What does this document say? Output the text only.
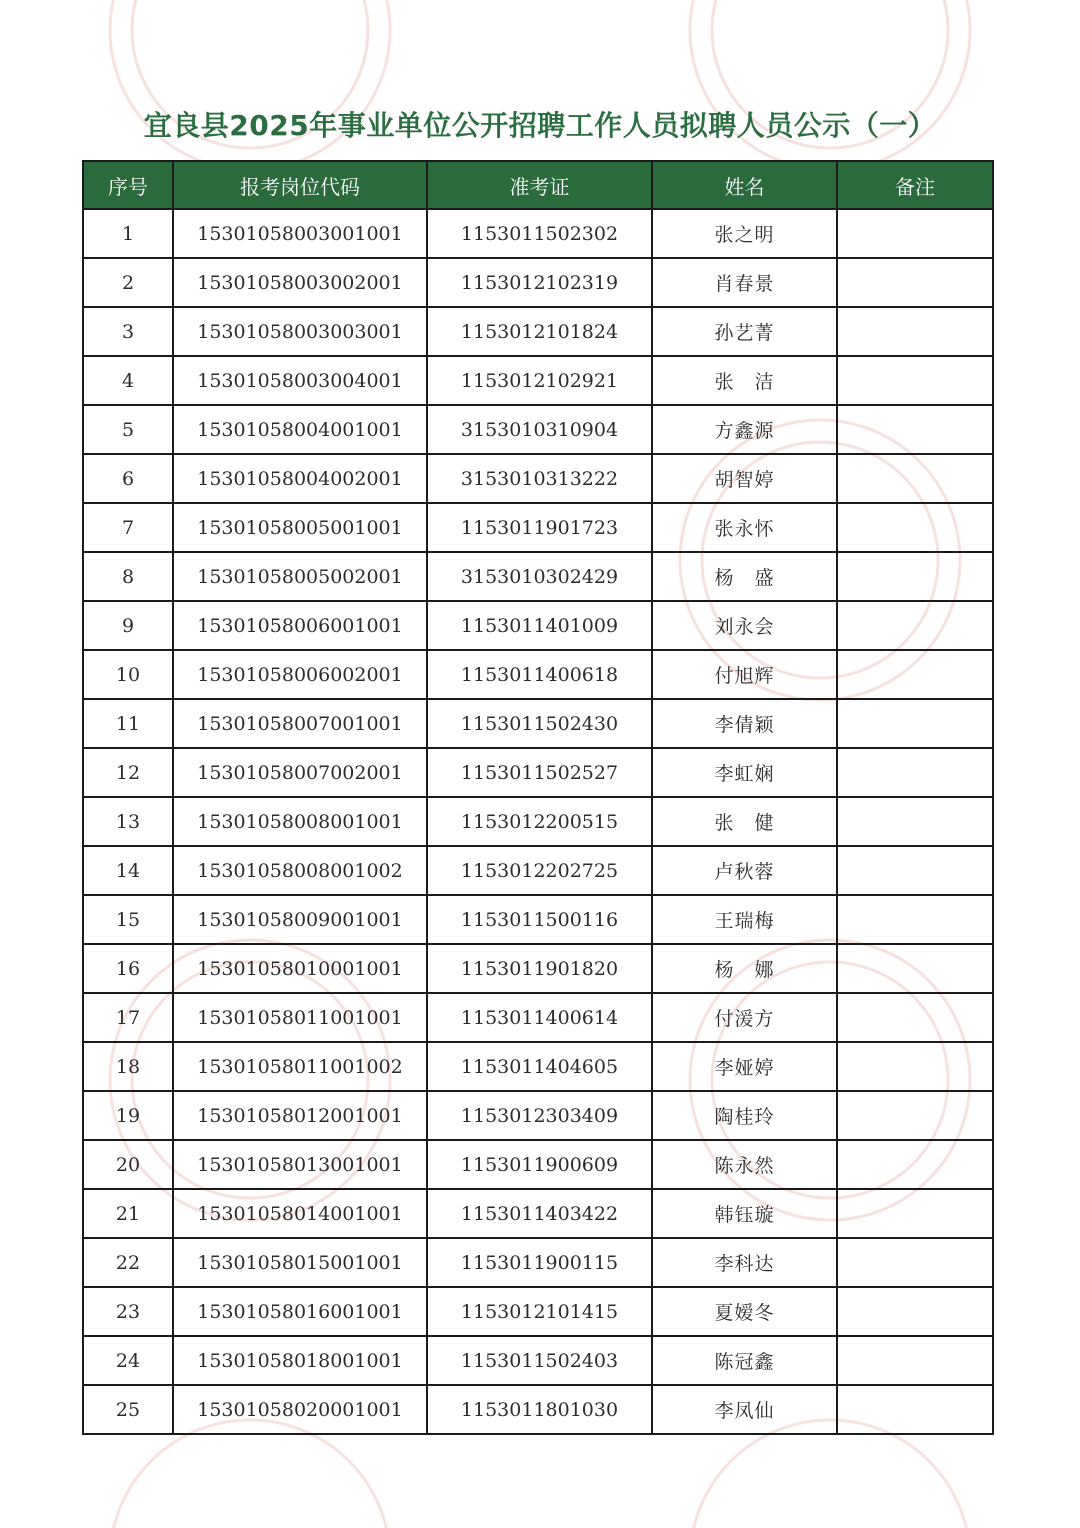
宜良县2025年事业单位公开招聘工作人员拟聘人员公示（一）
序号	报考岗位代码	准考证	姓名	备注
1	15301058003001001	1153011502302	张之明	
2	15301058003002001	1153012102319	肖春景	
3	15301058003003001	1153012101824	孙艺菁	
4	15301058003004001	1153012102921	张　洁	
5	15301058004001001	3153010310904	方鑫源	
6	15301058004002001	3153010313222	胡智婷	
7	15301058005001001	1153011901723	张永怀	
8	15301058005002001	3153010302429	杨　盛	
9	15301058006001001	1153011401009	刘永会	
10	15301058006002001	1153011400618	付旭辉	
11	15301058007001001	1153011502430	李倩颖	
12	15301058007002001	1153011502527	李虹娴	
13	15301058008001001	1153012200515	张　健	
14	15301058008001002	1153012202725	卢秋蓉	
15	15301058009001001	1153011500116	王瑞梅	
16	15301058010001001	1153011901820	杨　娜	
17	15301058011001001	1153011400614	付湲方	
18	15301058011001002	1153011404605	李娅婷	
19	15301058012001001	1153012303409	陶桂玲	
20	15301058013001001	1153011900609	陈永然	
21	15301058014001001	1153011403422	韩钰璇	
22	15301058015001001	1153011900115	李科达	
23	15301058016001001	1153012101415	夏嫒冬	
24	15301058018001001	1153011502403	陈冠鑫	
25	15301058020001001	1153011801030	李凤仙	
